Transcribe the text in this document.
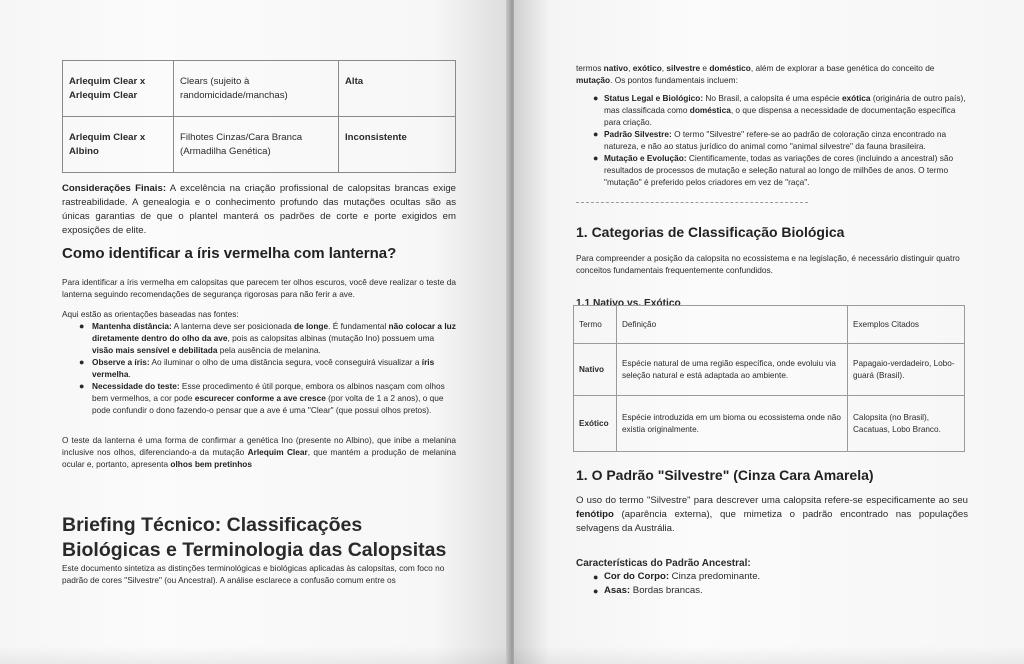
Arlequim Clear x Arlequim Clear	Clears (sujeito à randomicidade/manchas)	Alta
Arlequim Clear x Albino	Filhotes Cinzas/Cara Branca (Armadilha Genética)	Inconsistente

Considerações Finais: A excelência na criação profissional de calopsitas brancas exige rastreabilidade. A genealogia e o conhecimento profundo das mutações ocultas são as únicas garantias de que o plantel manterá os padrões de corte e porte exigidos em exposições de elite.

Como identificar a íris vermelha com lanterna?

Para identificar a íris vermelha em calopsitas que parecem ter olhos escuros, você deve realizar o teste da lanterna seguindo recomendações de segurança rigorosas para não ferir a ave.

Aqui estão as orientações baseadas nas fontes:

● Mantenha distância: A lanterna deve ser posicionada de longe. É fundamental não colocar a luz diretamente dentro do olho da ave, pois as calopsitas albinas (mutação Ino) possuem uma visão mais sensível e debilitada pela ausência de melanina.
● Observe a íris: Ao iluminar o olho de uma distância segura, você conseguirá visualizar a íris vermelha.
● Necessidade do teste: Esse procedimento é útil porque, embora os albinos nasçam com olhos bem vermelhos, a cor pode escurecer conforme a ave cresce (por volta de 1 a 2 anos), o que pode confundir o dono fazendo-o pensar que a ave é uma "Clear" (que possui olhos pretos).

O teste da lanterna é uma forma de confirmar a genética Ino (presente no Albino), que inibe a melanina inclusive nos olhos, diferenciando-a da mutação Arlequim Clear, que mantém a produção de melanina ocular e, portanto, apresenta olhos bem pretinhos

Briefing Técnico: Classificações Biológicas e Terminologia das Calopsitas

Este documento sintetiza as distinções terminológicas e biológicas aplicadas às calopsitas, com foco no padrão de cores "Silvestre" (ou Ancestral). A análise esclarece a confusão comum entre os

termos nativo, exótico, silvestre e doméstico, além de explorar a base genética do conceito de mutação. Os pontos fundamentais incluem:

● Status Legal e Biológico: No Brasil, a calopsita é uma espécie exótica (originária de outro país), mas classificada como doméstica, o que dispensa a necessidade de documentação específica para criação.
● Padrão Silvestre: O termo "Silvestre" refere-se ao padrão de coloração cinza encontrado na natureza, e não ao status jurídico do animal como "animal silvestre" da fauna brasileira.
● Mutação e Evolução: Cientificamente, todas as variações de cores (incluindo a ancestral) são resultados de processos de mutação e seleção natural ao longo de milhões de anos. O termo "mutação" é preferido pelos criadores em vez de "raça".
1. Categorias de Classificação Biológica

Para compreender a posição da calopsita no ecossistema e na legislação, é necessário distinguir quatro conceitos fundamentais frequentemente confundidos.

1.1 Nativo vs. Exótico
Termo	Definição	Exemplos Citados
Nativo	Espécie natural de uma região específica, onde evoluiu via seleção natural e está adaptada ao ambiente.	Papagaio-verdadeiro, Lobo-guará (Brasil).
Exótico	Espécie introduzida em um bioma ou ecossistema onde não existia originalmente.	Calopsita (no Brasil), Cacatuas, Lobo Branco.
1. O Padrão "Silvestre" (Cinza Cara Amarela)

O uso do termo "Silvestre" para descrever uma calopsita refere-se especificamente ao seu fenótipo (aparência externa), que mimetiza o padrão encontrado nas populações selvagens da Austrália.

Características do Padrão Ancestral:
● Cor do Corpo: Cinza predominante.
● Asas: Bordas brancas.
